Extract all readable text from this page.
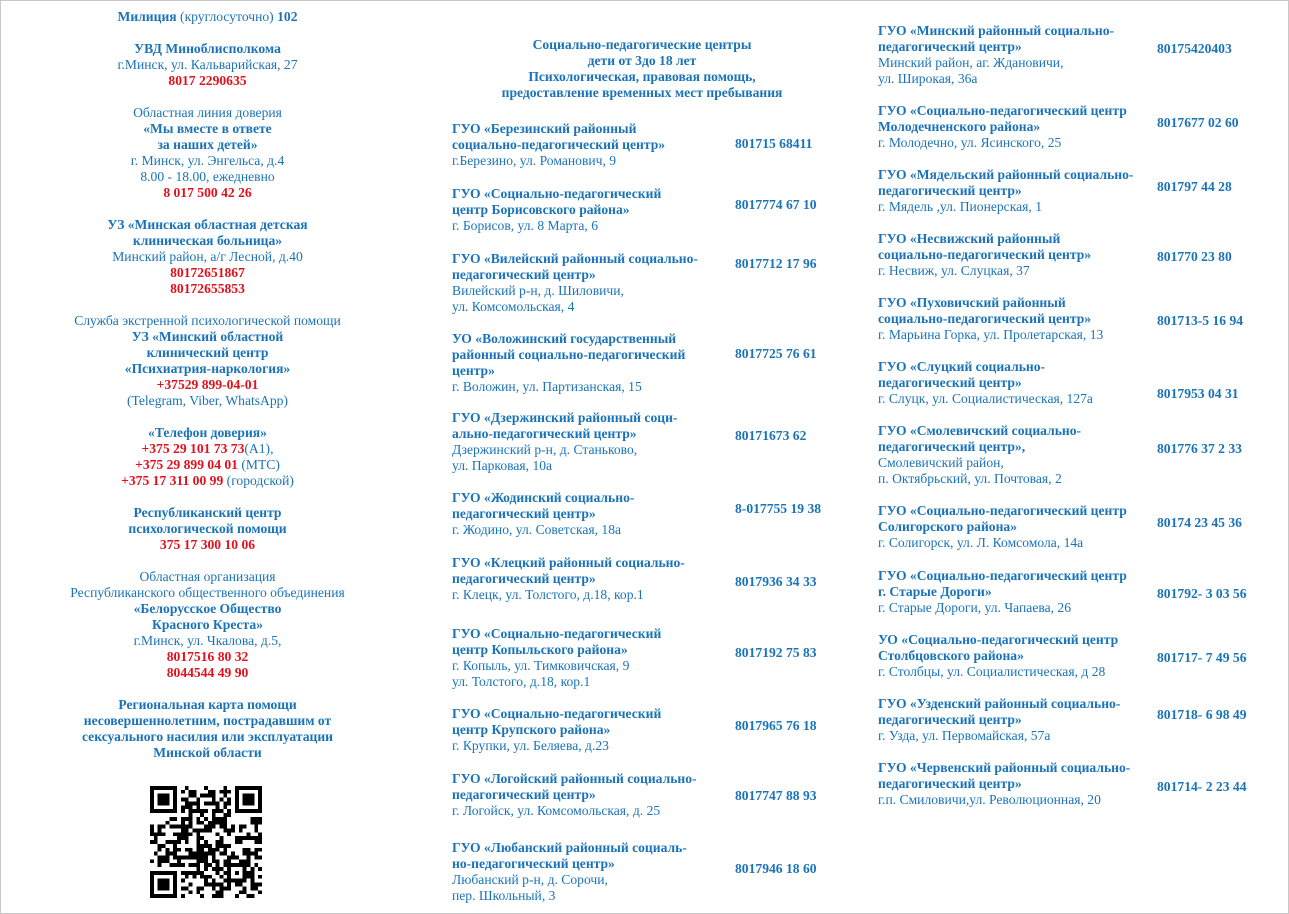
Милиция (круглосуточно) 102
УВД Миноблисполкома
г.Минск, ул. Кальварийская, 27
8017 2290635
Областная линия доверия
«Мы вместе в ответе
за наших детей»
г. Минск, ул. Энгельса, д.4
8.00 - 18.00, ежедневно
8 017 500 42 26
УЗ «Минская областная детская
клиническая больница»
Минский район, а/г Лесной, д.40
80172651867
80172655853
Служба экстренной психологической помощи
УЗ «Минский областной
клинический центр
«Психиатрия-наркология»
+37529 899-04-01
(Telegram, Viber, WhatsApp)
«Телефон доверия»
+375 29 101 73 73(А1),
+375 29 899 04 01 (МТС)
+375 17 311 00 99 (городской)
Республиканский центр
психологической помощи
375 17 300 10 06
Областная организация
Республиканского общественного объединения
«Белорусское Общество
Красного Креста»
г.Минск, ул. Чкалова, д.5,
8017516 80 32
8044544 49 90
Региональная карта помощи
несовершеннолетним, пострадавшим от
сексуального насилия или эксплуатации
Минской области
Социально-педагогические центры
дети от 3до 18 лет
Психологическая, правовая помощь,
предоставление временных мест пребывания
ГУО «Березинский районный
социально-педагогический центр»
г.Березино, ул. Романович, 9
801715 68411
ГУО «Социально-педагогический
центр Борисовского района»
г. Борисов, ул. 8 Марта, 6
8017774 67 10
ГУО «Вилейский районный социально-
педагогический центр»
Вилейский р-н, д. Шиловичи,
ул. Комсомольская, 4
8017712 17 96
УО «Воложинский государственный
районный социально-педагогический
центр»
г. Воложин, ул. Партизанская, 15
8017725 76 61
ГУО «Дзержинский районный соци-
ально-педагогический центр»
Дзержинский р-н, д. Станьково,
ул. Парковая, 10а
80171673 62
ГУО «Жодинский социально-
педагогический центр»
г. Жодино, ул. Советская, 18а
8-017755 19 38
ГУО «Клецкий районный социально-
педагогический центр»
г. Клецк, ул. Толстого, д.18, кор.1
8017936 34 33
ГУО «Социально-педагогический
центр Копыльского района»
г. Копыль, ул. Тимковичская, 9
ул. Толстого, д.18, кор.1
8017192 75 83
ГУО «Социально-педагогический
центр Крупского района»
г. Крупки, ул. Беляева, д.23
8017965 76 18
ГУО «Логойский районный социально-
педагогический центр»
г. Логойск, ул. Комсомольская, д. 25
8017747 88 93
ГУО «Любанский районный социаль-
но-педагогический центр»
Любанский р-н, д. Сорочи,
пер. Школьный, 3
8017946 18 60
ГУО «Минский районный социально-
педагогический центр»
Минский район, аг. Ждановичи,
ул. Широкая, 36а
80175420403
ГУО «Социально-педагогический центр
Молодечненского района»
г. Молодечно, ул. Ясинского, 25
8017677 02 60
ГУО «Мядельский районный социально-
педагогический центр»
г. Мядель ,ул. Пионерская, 1
801797 44 28
ГУО «Несвижский районный
социально-педагогический центр»
г. Несвиж, ул. Слуцкая, 37
801770 23 80
ГУО «Пуховичский районный
социально-педагогический центр»
г. Марьина Горка, ул. Пролетарская, 13
801713-5 16 94
ГУО «Слуцкий социально-
педагогический центр»
г. Слуцк, ул. Социалистическая, 127а	8017953 04 31
ГУО «Смолевичский социально-
педагогический центр»,
Смолевичский район,
п. Октябрьский, ул. Почтовая, 2
801776 37 2 33
ГУО «Социально-педагогический центр
Солигорского района»
г. Солигорск, ул. Л. Комсомола, 14а
80174 23 45 36
ГУО «Социально-педагогический центр
г. Старые Дороги»
г. Старые Дороги, ул. Чапаева, 26
801792- 3 03 56
УО «Социально-педагогический центр
Столбцовского района»
г. Столбцы, ул. Социалистическая, д 28
801717- 7 49 56
ГУО «Узденский районный социально-
педагогический центр»
г. Узда, ул. Первомайская, 57а
801718- 6 98 49
ГУО «Червенский районный социально-
педагогический центр»
г.п. Смиловичи,ул. Революционная, 20
801714- 2 23 44
